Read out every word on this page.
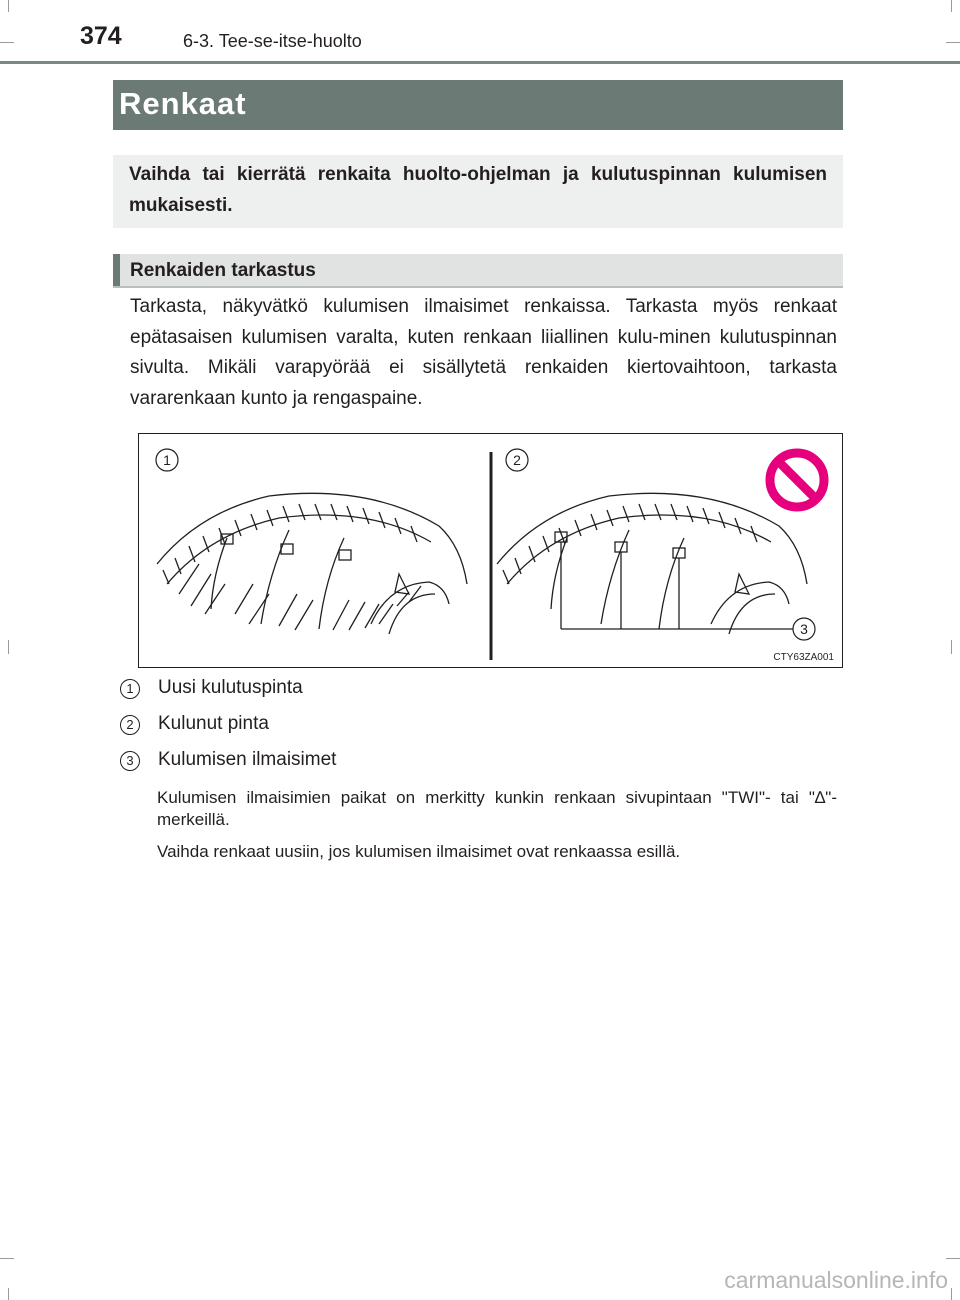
374	6-3. Tee-se-itse-huolto
Renkaat
Vaihda tai kierrätä renkaita huolto-ohjelman ja kulutuspinnan kulumisen mukaisesti.
Renkaiden tarkastus
Tarkasta, näkyvätkö kulumisen ilmaisimet renkaissa. Tarkasta myös renkaat epätasaisen kulumisen varalta, kuten renkaan liiallinen kulu-minen kulutuspinnan sivulta. Mikäli varapyörää ei sisällytetä renkaiden kiertovaihtoon, tarkasta vararenkaan kunto ja rengaspaine.
1	2
3
CTY63ZA001
1	Uusi kulutuspinta
2	Kulunut pinta
3	Kulumisen ilmaisimet
Kulumisen ilmaisimien paikat on merkitty kunkin renkaan sivupintaan "TWI"- tai "∆"-merkeillä.
Vaihda renkaat uusiin, jos kulumisen ilmaisimet ovat renkaassa esillä.
carmanualsonline.info
